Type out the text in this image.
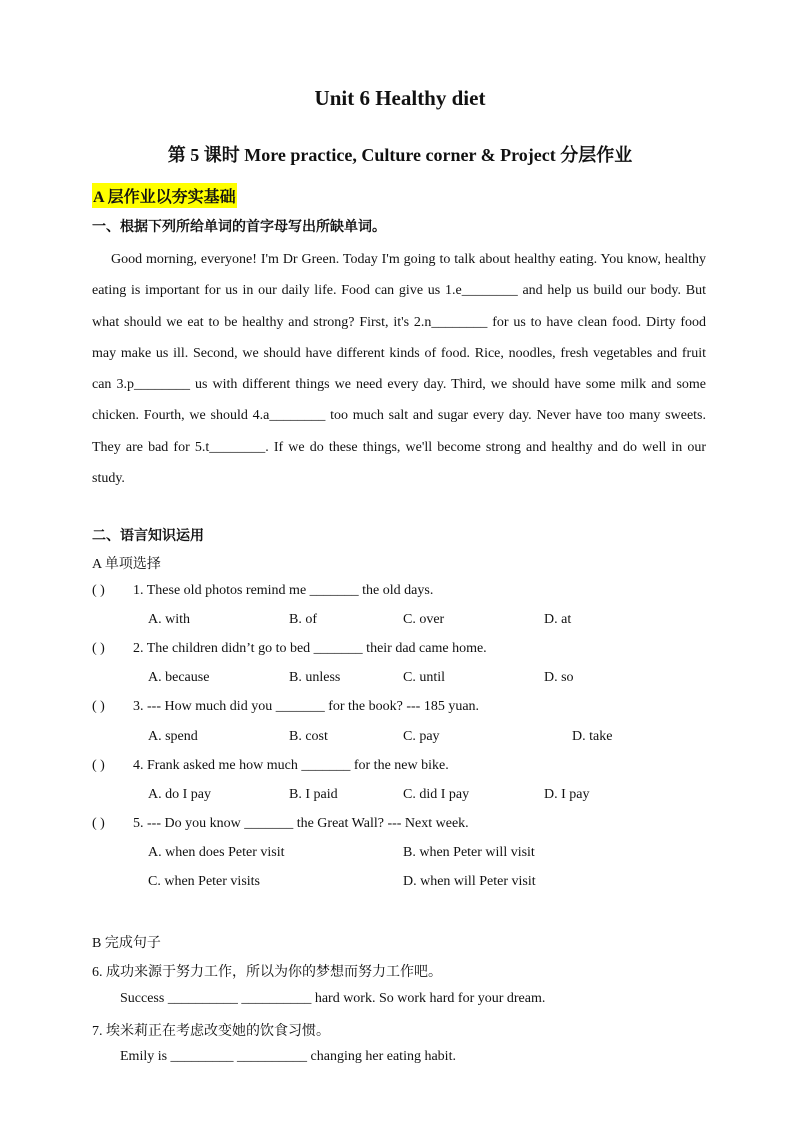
Unit 6 Healthy diet
第 5 课时 More practice, Culture corner & Project 分层作业
A 层作业以夯实基础
一、根据下列所给单词的首字母写出所缺单词。
Good morning, everyone! I'm Dr Green. Today I'm going to talk about healthy eating. You know, healthy eating is important for us in our daily life. Food can give us 1.e________ and help us build our body. But what should we eat to be healthy and strong? First, it's 2.n________ for us to have clean food. Dirty food may make us ill. Second, we should have different kinds of food. Rice, noodles, fresh vegetables and fruit can 3.p________ us with different things we need every day. Third, we should have some milk and some chicken. Fourth, we should 4.a________ too much salt and sugar every day. Never have too many sweets. They are bad for 5.t________. If we do these things, we'll become strong and healthy and do well in our study.
二、语言知识运用
A 单项选择
( ) 1. These old photos remind me _______ the old days.
A. with	B. of	C. over	D. at
( ) 2. The children didn’t go to bed _______ their dad came home.
A. because	B. unless	C. until	D. so
( ) 3. --- How much did you _______ for the book? --- 185 yuan.
A. spend	B. cost	C. pay	D. take
( ) 4. Frank asked me how much _______ for the new bike.
A. do I pay	B. I paid	C. did I pay	D. I pay
( ) 5. --- Do you know _______ the Great Wall? --- Next week.
A. when does Peter visit	B. when Peter will visit
C. when Peter visits	D. when will Peter visit
B 完成句子
6. 成功来源于努力工作，所以为你的梦想而努力工作吧。
Success __________ __________ hard work. So work hard for your dream.
7. 埃米莉正在考虑改变她的饮食习惯。
Emily is _________ __________ changing her eating habit.
